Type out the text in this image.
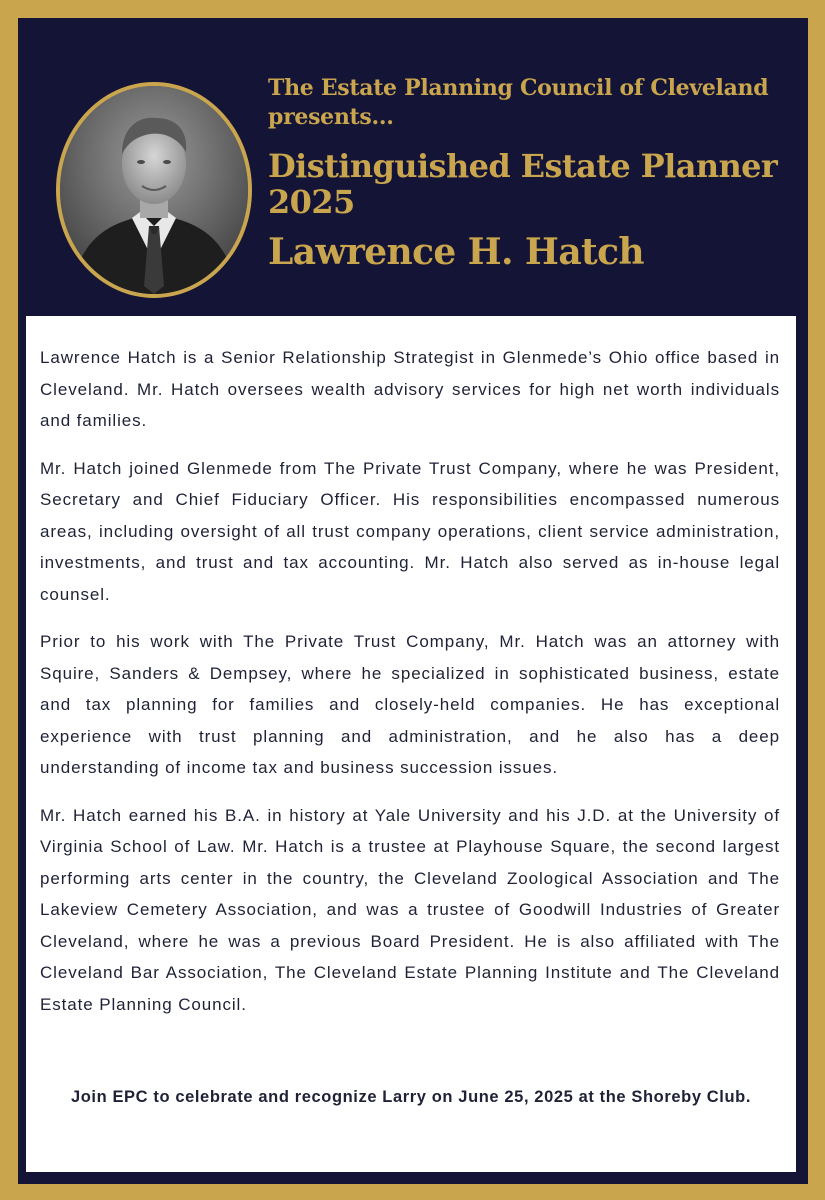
The Estate Planning Council of Cleveland
presents...
Distinguished Estate Planner
2025
Lawrence H. Hatch

Lawrence Hatch is a Senior Relationship Strategist in Glenmede’s Ohio office based in Cleveland. Mr. Hatch oversees wealth advisory services for high net worth individuals and families.

Mr. Hatch joined Glenmede from The Private Trust Company, where he was President, Secretary and Chief Fiduciary Officer. His responsibilities encompassed numerous areas, including oversight of all trust company operations, client service administration, investments, and trust and tax accounting. Mr. Hatch also served as in-house legal counsel.

Prior to his work with The Private Trust Company, Mr. Hatch was an attorney with Squire, Sanders & Dempsey, where he specialized in sophisticated business, estate and tax planning for families and closely-held companies. He has exceptional experience with trust planning and administration, and he also has a deep understanding of income tax and business succession issues.

Mr. Hatch earned his B.A. in history at Yale University and his J.D. at the University of Virginia School of Law. Mr. Hatch is a trustee at Playhouse Square, the second largest performing arts center in the country, the Cleveland Zoological Association and The Lakeview Cemetery Association, and was a trustee of Goodwill Industries of Greater Cleveland, where he was a previous Board President. He is also affiliated with The Cleveland Bar Association, The Cleveland Estate Planning Institute and The Cleveland Estate Planning Council.

Join EPC to celebrate and recognize Larry on June 25, 2025 at the Shoreby Club.
